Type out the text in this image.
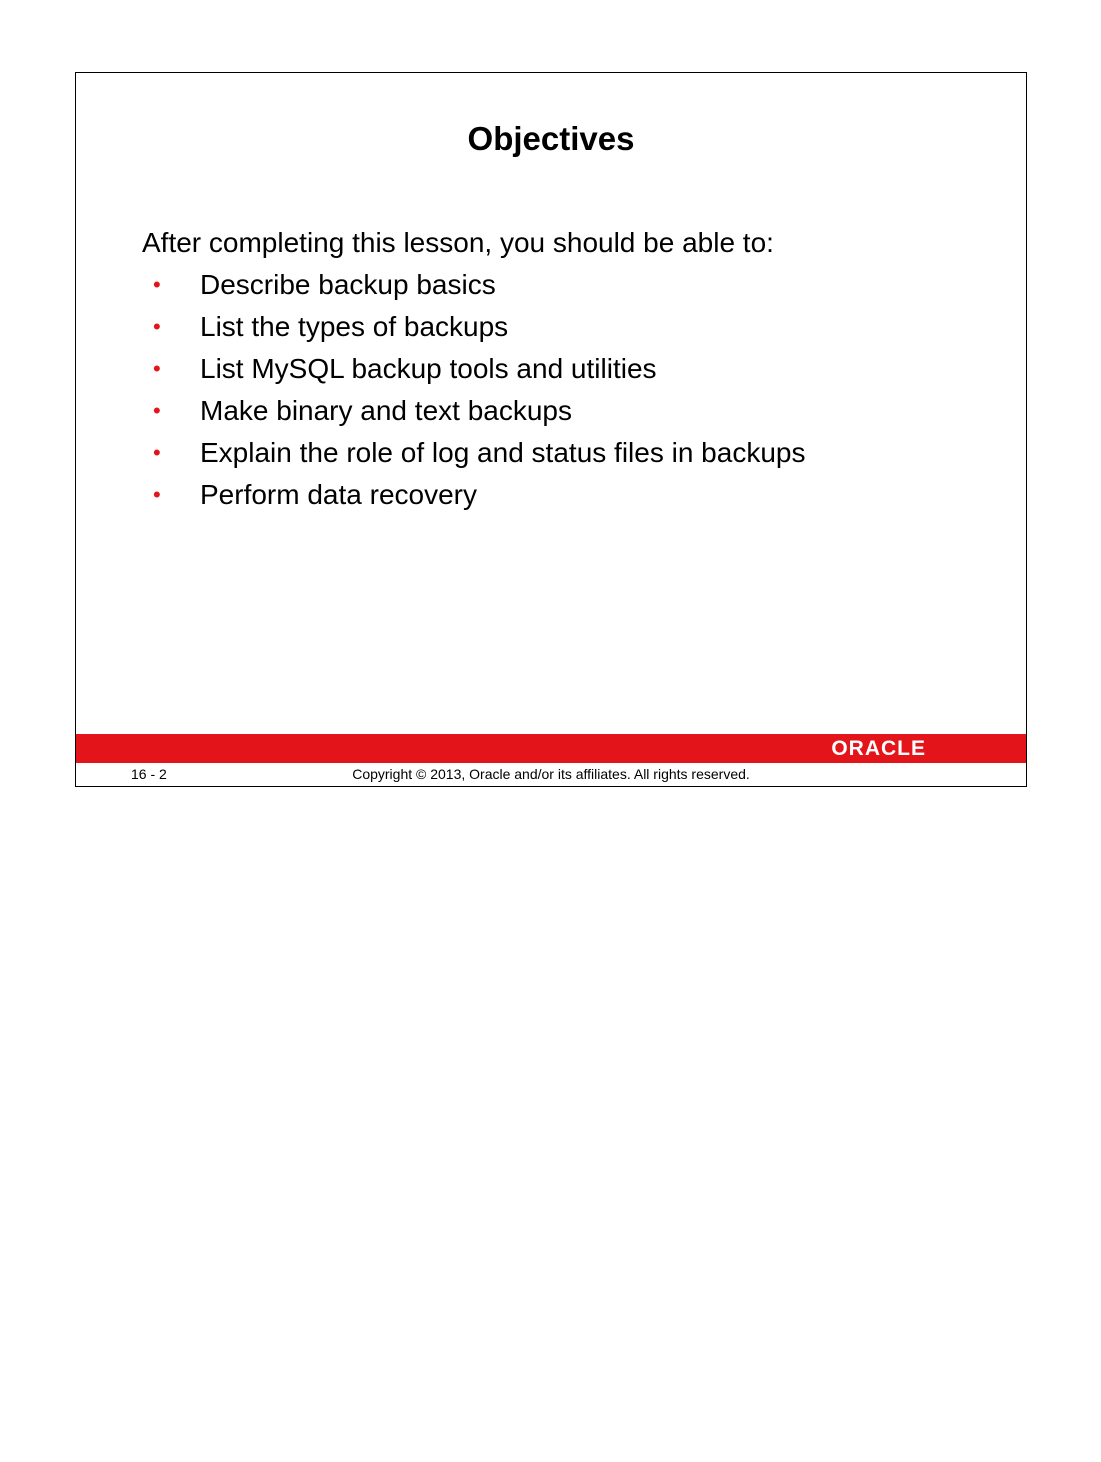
Objectives
After completing this lesson, you should be able to:
• Describe backup basics
• List the types of backups
• List MySQL backup tools and utilities
• Make binary and text backups
• Explain the role of log and status files in backups
• Perform data recovery
ORACLE
16 - 2	Copyright © 2013, Oracle and/or its affiliates. All rights reserved.
